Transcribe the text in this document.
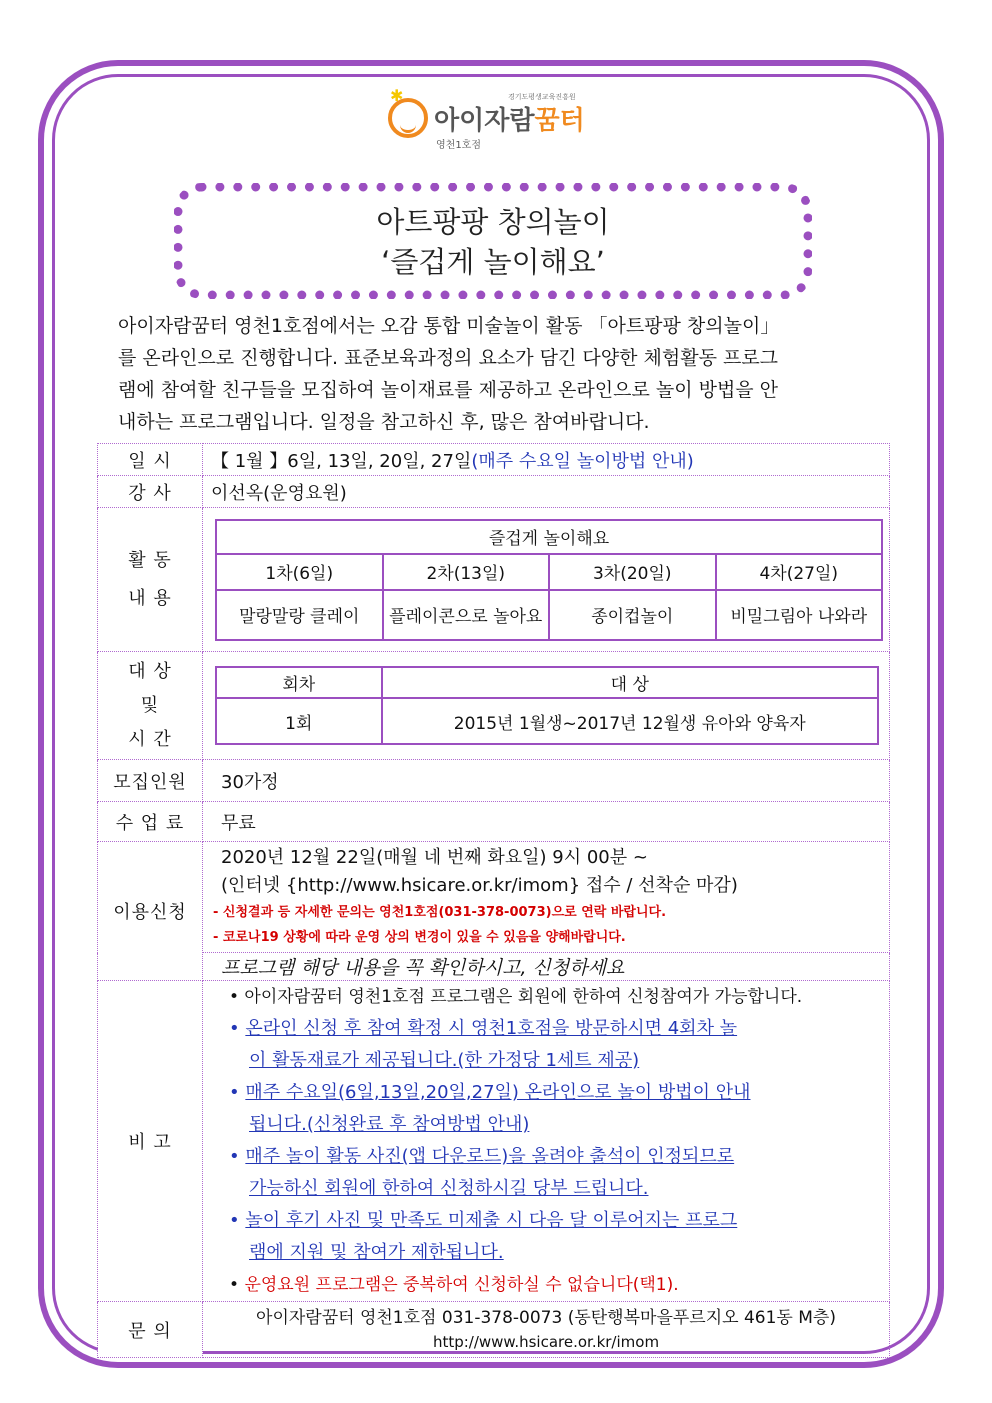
✱
아이자람꿈터
영천1호점
경기도평생교육진흥원
아트팡팡 창의놀이
‘즐겁게 놀이해요’
아이자람꿈터 영천1호점에서는 오감 통합 미술놀이 활동 「아트팡팡 창의놀이」
를 온라인으로 진행합니다. 표준보육과정의 요소가 담긴 다양한 체험활동 프로그
램에 참여할 친구들을 모집하여 놀이재료를 제공하고 온라인으로 놀이 방법을 안
내하는 프로그램입니다. 일정을 참고하신 후, 많은 참여바랍니다.
일 시	【 1월 】6일, 13일, 20일, 27일(매주 수요일 놀이방법 안내)
강 사	이선옥(운영요원)

활 동
내 용

즐겁게 놀이해요
1차(6일)	2차(13일)	3차(20일)	4차(27일)
말랑말랑 클레이	플레이콘으로 놀아요	종이컵놀이	비밀그림아 나와라

대 상
및
시 간

회차	대 상
1회	2015년 1월생~2017년 12월생 유아와 양육자

모집인원	30가정
수 업 료	무료
이용신청	
2020년 12월 22일(매월 네 번째 화요일) 9시 00분 ~
(인터넷 {http://www.hsicare.or.kr/imom} 접수 / 선착순 마감)
- 신청결과 등 자세한 문의는 영천1호점(031-378-0073)으로 연락 바랍니다.
- 코로나19 상황에 따라 운영 상의 변경이 있을 수 있음을 양해바랍니다.

프로그램 해당 내용을 꼭 확인하시고, 신청하세요
비 고	
• 아이자람꿈터 영천1호점 프로그램은 회원에 한하여 신청참여가 가능합니다.
• 온라인 신청 후 참여 확정 시 영천1호점을 방문하시면 4회차 놀
이 활동재료가 제공됩니다.(한 가정당 1세트 제공)
• 매주 수요일(6일,13일,20일,27일) 온라인으로 놀이 방법이 안내
됩니다.(신청완료 후 참여방법 안내)
• 매주 놀이 활동 사진(앱 다운로드)을 올려야 출석이 인정되므로
가능하신 회원에 한하여 신청하시길 당부 드립니다.
• 놀이 후기 사진 및 만족도 미제출 시 다음 달 이루어지는 프로그
램에 지원 및 참여가 제한됩니다.
• 운영요원 프로그램은 중복하여 신청하실 수 없습니다(택1).

문 의	
아이자람꿈터 영천1호점 031-378-0073 (동탄행복마을푸르지오 461동 M층)
http://www.hsicare.or.kr/imom
